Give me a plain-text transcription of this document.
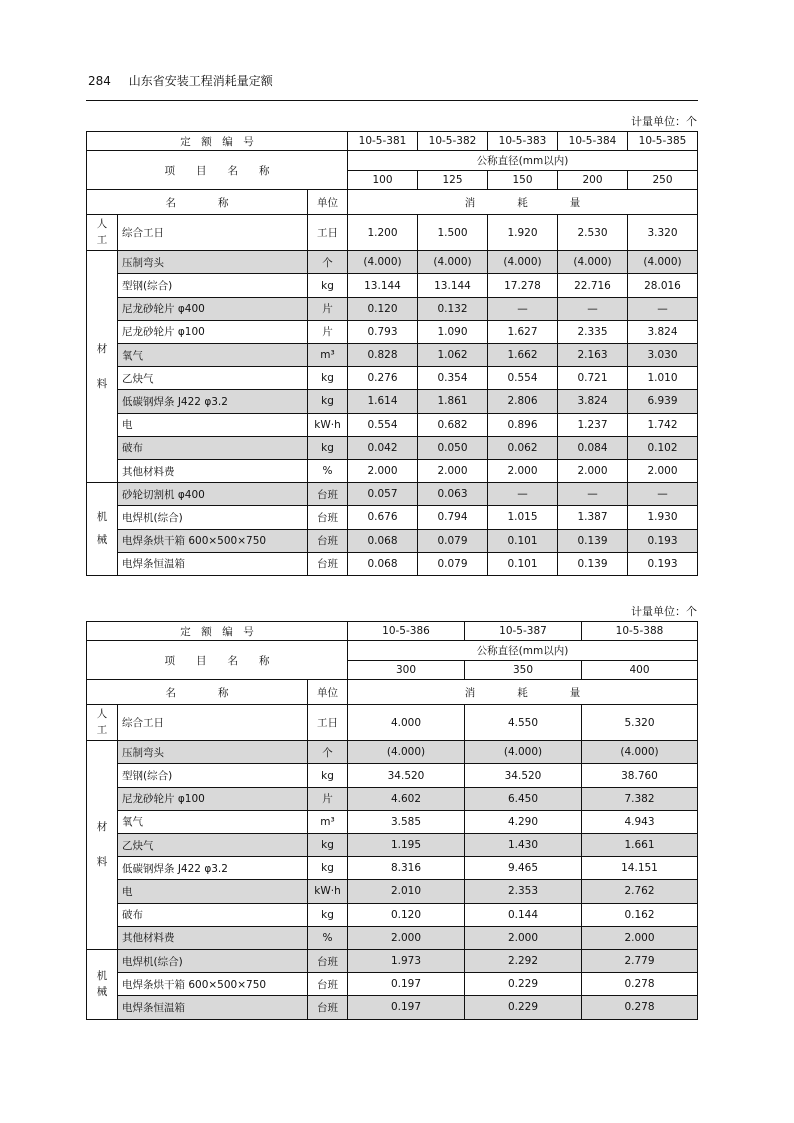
284 山东省安装工程消耗量定额
计量单位：个
定　额　编　号			10-5-381	10-5-382	10-5-383	10-5-384	10-5-385
项　　目　　名　　称			公称直径(mm以内)				
			100	125	150	200	250
名　　　　称		单位	消　　　　耗　　　　量				

人
工	综合工日	工日	1.200	1.500	1.920	2.530	3.320

材
料	压制弯头	个	(4.000)	(4.000)	(4.000)	(4.000)	(4.000)
	型钢(综合)	kg	13.144	13.144	17.278	22.716	28.016
	尼龙砂轮片 φ400	片	0.120	0.132	—	—	—
	尼龙砂轮片 φ100	片	0.793	1.090	1.627	2.335	3.824
	氧气	m³	0.828	1.062	1.662	2.163	3.030
	乙炔气	kg	0.276	0.354	0.554	0.721	1.010
	低碳钢焊条 J422 φ3.2	kg	1.614	1.861	2.806	3.824	6.939
	电	kW·h	0.554	0.682	0.896	1.237	1.742
	破布	kg	0.042	0.050	0.062	0.084	0.102
	其他材料费	%	2.000	2.000	2.000	2.000	2.000

机
械	砂轮切割机 φ400	台班	0.057	0.063	—	—	—
	电焊机(综合)	台班	0.676	0.794	1.015	1.387	1.930
	电焊条烘干箱 600×500×750	台班	0.068	0.079	0.101	0.139	0.193
	电焊条恒温箱	台班	0.068	0.079	0.101	0.139	0.193
计量单位：个
定　额　编　号			10-5-386	10-5-387	10-5-388
项　　目　　名　　称			公称直径(mm以内)		
			300	350	400
名　　　　称		单位	消　　　　耗　　　　量		

人
工	综合工日	工日	4.000	4.550	5.320

材
料	压制弯头	个	(4.000)	(4.000)	(4.000)
	型钢(综合)	kg	34.520	34.520	38.760
	尼龙砂轮片 φ100	片	4.602	6.450	7.382
	氧气	m³	3.585	4.290	4.943
	乙炔气	kg	1.195	1.430	1.661
	低碳钢焊条 J422 φ3.2	kg	8.316	9.465	14.151
	电	kW·h	2.010	2.353	2.762
	破布	kg	0.120	0.144	0.162
	其他材料费	%	2.000	2.000	2.000

机
械	电焊机(综合)	台班	1.973	2.292	2.779
	电焊条烘干箱 600×500×750	台班	0.197	0.229	0.278
	电焊条恒温箱	台班	0.197	0.229	0.278
